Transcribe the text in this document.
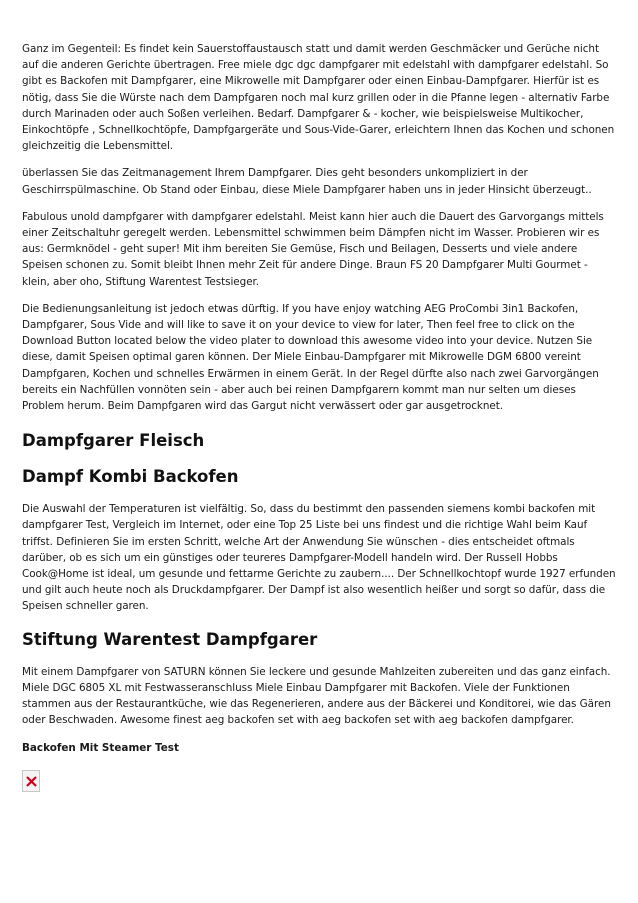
Ganz im Gegenteil: Es findet kein Sauerstoffaustausch statt und damit werden Geschmäcker und Gerüche nicht auf die anderen Gerichte übertragen. Free miele dgc dgc dampfgarer mit edelstahl with dampfgarer edelstahl. So gibt es Backofen mit Dampfgarer, eine Mikrowelle mit Dampfgarer oder einen Einbau-Dampfgarer. Hierfür ist es nötig, dass Sie die Würste nach dem Dampfgaren noch mal kurz grillen oder in die Pfanne legen - alternativ Farbe durch Marinaden oder auch Soßen verleihen. Bedarf. Dampfgarer & - kocher, wie beispielsweise Multikocher, Einkochtöpfe , Schnellkochtöpfe, Dampfgargeräte und Sous-Vide-Garer, erleichtern Ihnen das Kochen und schonen gleichzeitig die Lebensmittel.

überlassen Sie das Zeitmanagement Ihrem Dampfgarer. Dies geht besonders unkompliziert in der Geschirrspülmaschine. Ob Stand oder Einbau, diese Miele Dampfgarer haben uns in jeder Hinsicht überzeugt..

Fabulous unold dampfgarer with dampfgarer edelstahl. Meist kann hier auch die Dauert des Garvorgangs mittels einer Zeitschaltuhr geregelt werden. Lebensmittel schwimmen beim Dämpfen nicht im Wasser. Probieren wir es aus: Germknödel - geht super! Mit ihm bereiten Sie Gemüse, Fisch und Beilagen, Desserts und viele andere Speisen schonen zu. Somit bleibt Ihnen mehr Zeit für andere Dinge. Braun FS 20 Dampfgarer Multi Gourmet - klein, aber oho, Stiftung Warentest Testsieger.

Die Bedienungsanleitung ist jedoch etwas dürftig. If you have enjoy watching AEG ProCombi 3in1 Backofen, Dampfgarer, Sous Vide and will like to save it on your device to view for later, Then feel free to click on the Download Button located below the video plater to download this awesome video into your device. Nutzen Sie diese, damit Speisen optimal garen können. Der Miele Einbau-Dampfgarer mit Mikrowelle DGM 6800 vereint Dampfgaren, Kochen und schnelles Erwärmen in einem Gerät. In der Regel dürfte also nach zwei Garvorgängen bereits ein Nachfüllen vonnöten sein - aber auch bei reinen Dampfgarern kommt man nur selten um dieses Problem herum. Beim Dampfgaren wird das Gargut nicht verwässert oder gar ausgetrocknet.

Dampfgarer Fleisch
Dampf Kombi Backofen

Die Auswahl der Temperaturen ist vielfältig. So, dass du bestimmt den passenden siemens kombi backofen mit dampfgarer Test, Vergleich im Internet, oder eine Top 25 Liste bei uns findest und die richtige Wahl beim Kauf triffst. Definieren Sie im ersten Schritt, welche Art der Anwendung Sie wünschen - dies entscheidet oftmals darüber, ob es sich um ein günstiges oder teureres Dampfgarer-Modell handeln wird. Der Russell Hobbs Cook@Home ist ideal, um gesunde und fettarme Gerichte zu zaubern.... Der Schnellkochtopf wurde 1927 erfunden und gilt auch heute noch als Druckdampfgarer. Der Dampf ist also wesentlich heißer und sorgt so dafür, dass die Speisen schneller garen.

Stiftung Warentest Dampfgarer

Mit einem Dampfgarer von SATURN können Sie leckere und gesunde Mahlzeiten zubereiten und das ganz einfach. Miele DGC 6805 XL mit Festwasseranschluss Miele Einbau Dampfgarer mit Backofen. Viele der Funktionen stammen aus der Restaurantküche, wie das Regenerieren, andere aus der Bäckerei und Konditorei, wie das Gären oder Beschwaden. Awesome finest aeg backofen set with aeg backofen set with aeg backofen dampfgarer.

Backofen Mit Steamer Test
